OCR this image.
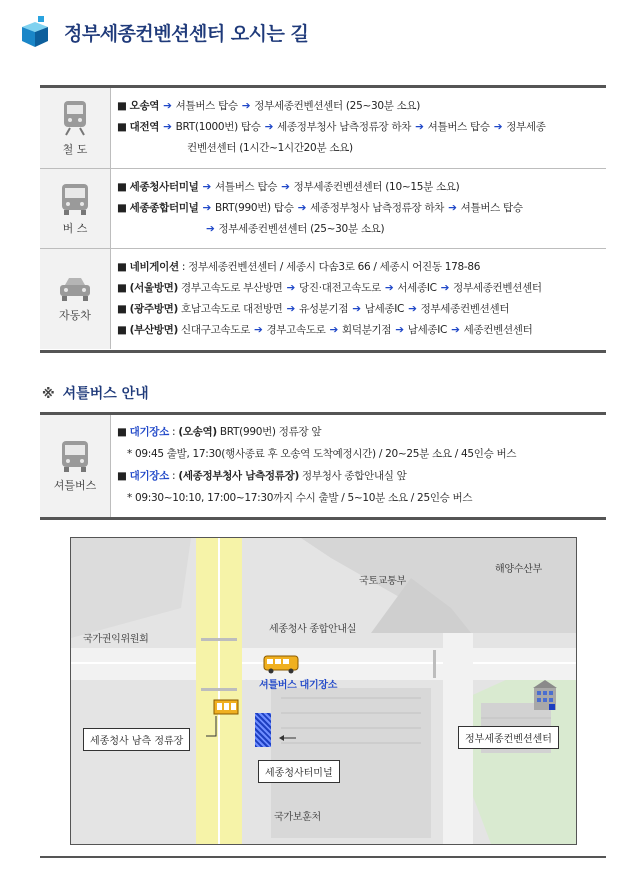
정부세종컨벤션센터 오시는 길
철 도
■ 오송역 ➔ 셔틀버스 탑승 ➔ 정부세종컨벤션센터 (25~30분 소요)
■ 대전역 ➔ BRT(1000번) 탑승 ➔ 세종정부청사 남측정류장 하차 ➔ 셔틀버스 탑승 ➔ 정부세종
컨벤션센터 (1시간~1시간20분 소요)
버 스
■ 세종청사터미널 ➔ 셔틀버스 탑승 ➔ 정부세종컨벤션센터 (10~15분 소요)
■ 세종종합터미널 ➔ BRT(990번) 탑승 ➔ 세종정부청사 남측정류장 하차 ➔ 셔틀버스 탑승
➔ 정부세종컨벤션센터 (25~30분 소요)
자동차
■ 네비게이션 : 정부세종컨벤션센터 / 세종시 다솜3로 66 / 세종시 어진동 178-86
■ (서울방면) 경부고속도로 부산방면 ➔ 당진·대전고속도로 ➔ 서세종IC ➔ 정부세종컨벤션센터
■ (광주방면) 호남고속도로 대전방면 ➔ 유성분기점 ➔ 남세종IC ➔ 정부세종컨벤션센터
■ (부산방면) 신대구고속도로 ➔ 경부고속도로 ➔ 회덕분기점 ➔ 남세종IC ➔ 세종컨벤션센터
※ 셔틀버스 안내
셔틀버스
■ 대기장소 : (오송역) BRT(990번) 정류장 앞
* 09:45 출발, 17:30(행사종료 후 오송역 도착예정시간) / 20~25분 소요 / 45인승 버스
■ 대기장소 : (세종정부청사 남측정류장) 정부청사 종합안내실 앞
* 09:30~10:10, 17:00~17:30까지 수시 출발 / 5~10분 소요 / 25인승 버스
국토교통부
해양수산부
국가권익위원회
세종청사 종합안내실
셔틀버스 대기장소
세종청사 남측 정류장
세종청사터미널
정부세종컨벤션센터
국가보훈처
